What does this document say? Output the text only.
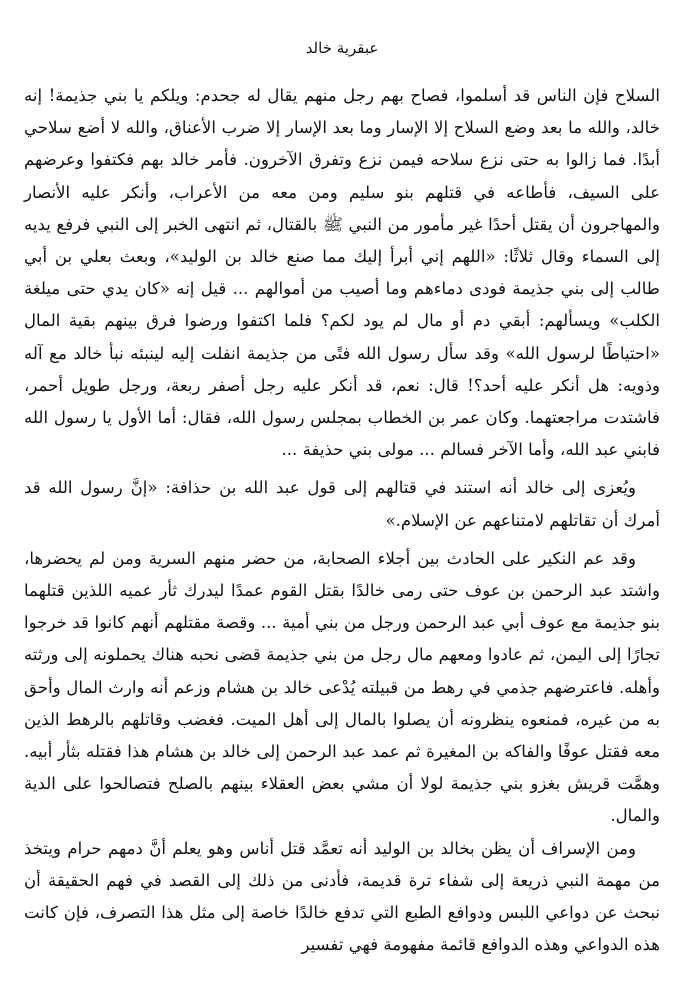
عبقرية خالد

السلاح فإن الناس قد أسلموا، فصاح بهم رجل منهم يقال له جحدم: ويلكم يا بني جذيمة! إنه خالد، والله ما بعد وضع السلاح إلا الإسار وما بعد الإسار إلا ضرب الأعناق، والله لا أضع سلاحي أبدًا. فما زالوا به حتى نزع سلاحه فيمن نزع وتفرق الآخرون. فأمر خالد بهم فكتفوا وعرضهم على السيف، فأطاعه في قتلهم بنو سليم ومن معه من الأعراب، وأنكر عليه الأنصار والمهاجرون أن يقتل أحدًا غير مأمور من النبي ﷺ بالقتال، ثم انتهى الخبر إلى النبي فرفع يديه إلى السماء وقال ثلاثًا: «اللهم إني أبرأ إليك مما صنع خالد بن الوليد»، وبعث بعلي بن أبي طالب إلى بني جذيمة فودى دماءهم وما أصيب من أموالهم ... قيل إنه «كان يدي حتى ميلغة الكلب» ويسألهم: أبقي دم أو مال لم يود لكم؟ فلما اكتفوا ورضوا فرق بينهم بقية المال «احتياطًا لرسول الله» وقد سأل رسول الله فتًى من جذيمة انفلت إليه لينبئه نبأ خالد مع آله وذويه: هل أنكر عليه أحد؟! قال: نعم، قد أنكر عليه رجل أصفر ربعة، ورجل طويل أحمر، فاشتدت مراجعتهما. وكان عمر بن الخطاب بمجلس رسول الله، فقال: أما الأول يا رسول الله فابني عبد الله، وأما الآخر فسالم ... مولى بني حذيفة ...

ويُعزى إلى خالد أنه استند في قتالهم إلى قول عبد الله بن حذافة: «إنَّ رسول الله قد أمرك أن تقاتلهم لامتناعهم عن الإسلام.»

وقد عم النكير على الحادث بين أجلاء الصحابة، من حضر منهم السرية ومن لم يحضرها، واشتد عبد الرحمن بن عوف حتى رمى خالدًا بقتل القوم عمدًا ليدرك ثأر عميه اللذين قتلهما بنو جذيمة مع عوف أبي عبد الرحمن ورجل من بني أمية ... وقصة مقتلهم أنهم كانوا قد خرجوا تجارًا إلى اليمن، ثم عادوا ومعهم مال رجل من بني جذيمة قضى نحبه هناك يحملونه إلى ورثته وأهله. فاعترضهم جذمي في رهط من قبيلته يُدْعى خالد بن هشام وزعم أنه وارث المال وأحق به من غيره، فمنعوه ينظرونه أن يصلوا بالمال إلى أهل الميت. فغضب وقاتلهم بالرهط الذين معه فقتل عوفًا والفاكه بن المغيرة ثم عمد عبد الرحمن إلى خالد بن هشام هذا فقتله بثأر أبيه. وهمَّت قريش بغزو بني جذيمة لولا أن مشي بعض العقلاء بينهم بالصلح فتصالحوا على الدية والمال.

ومن الإسراف أن يظن بخالد بن الوليد أنه تعمَّد قتل أناس وهو يعلم أنَّ دمهم حرام ويتخذ من مهمة النبي ذريعة إلى شفاء ترة قديمة، فأدنى من ذلك إلى القصد في فهم الحقيقة أن نبحث عن دواعي اللبس ودوافع الطبع التي تدفع خالدًا خاصة إلى مثل هذا التصرف، فإن كانت هذه الدواعي وهذه الدوافع قائمة مفهومة فهي تفسير
